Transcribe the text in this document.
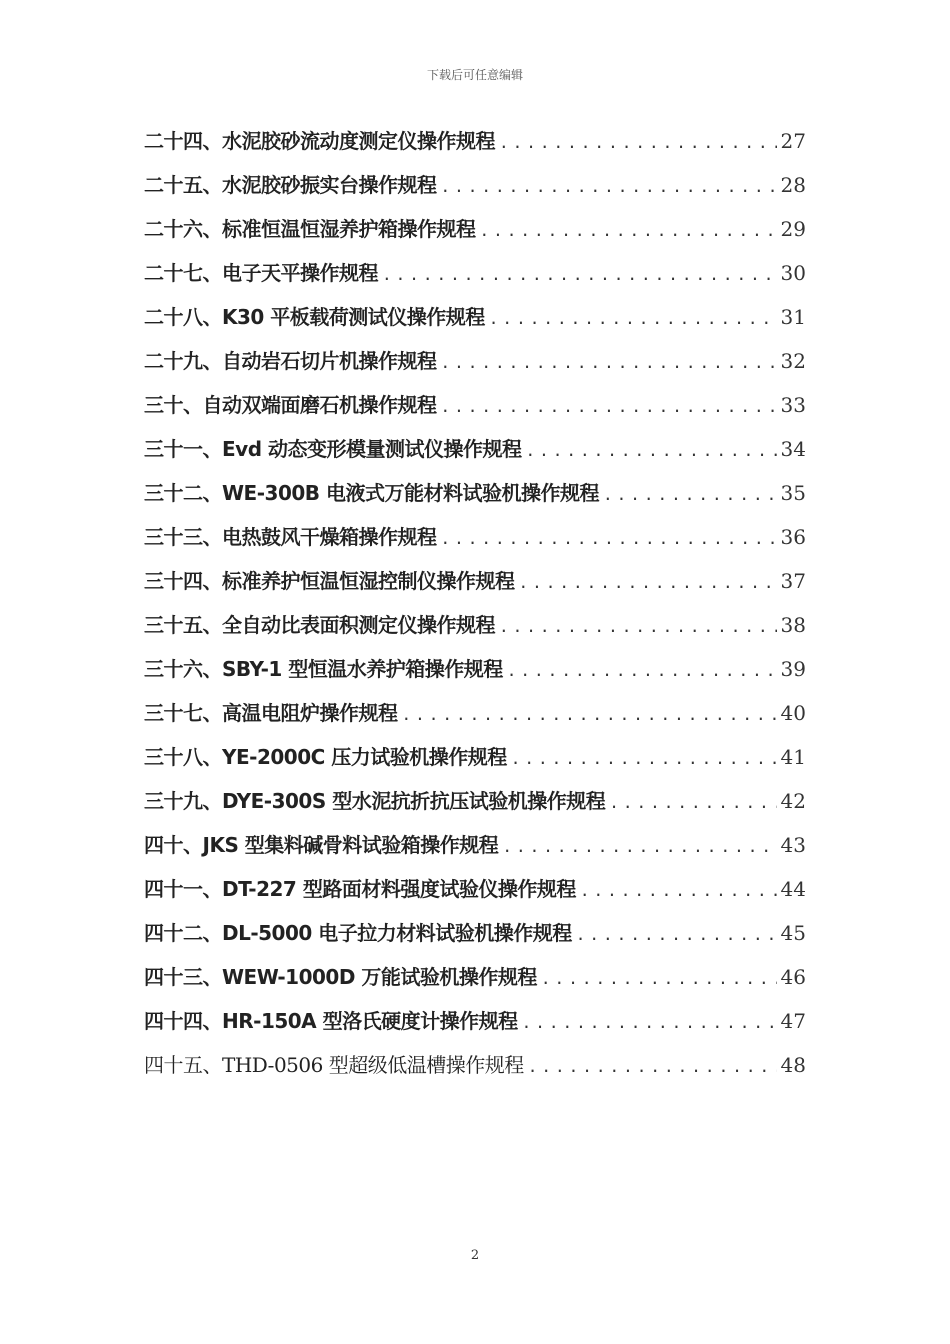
下载后可任意编辑
二十四、水泥胶砂流动度测定仪操作规程 .....	27
二十五、水泥胶砂振实台操作规程 .....	28
二十六、标准恒温恒湿养护箱操作规程 .....	29
二十七、电子天平操作规程 .....	30
二十八、K30 平板载荷测试仪操作规程 .....	31
二十九、自动岩石切片机操作规程 .....	32
三十、自动双端面磨石机操作规程 .....	33
三十一、Evd 动态变形模量测试仪操作规程 .....	34
三十二、WE-300B 电液式万能材料试验机操作规程 .....	35
三十三、电热鼓风干燥箱操作规程 .....	36
三十四、标准养护恒温恒湿控制仪操作规程 .....	37
三十五、全自动比表面积测定仪操作规程 .....	38
三十六、SBY-1 型恒温水养护箱操作规程 .....	39
三十七、高温电阻炉操作规程 .....	40
三十八、YE-2000C 压力试验机操作规程 .....	41
三十九、DYE-300S 型水泥抗折抗压试验机操作规程 .....	42
四十、JKS 型集料碱骨料试验箱操作规程 .....	43
四十一、DT-227 型路面材料强度试验仪操作规程 .....	44
四十二、DL-5000 电子拉力材料试验机操作规程 .....	45
四十三、WEW-1000D 万能试验机操作规程 .....	46
四十四、HR-150A 型洛氏硬度计操作规程 .....	47
四十五、THD-0506 型超级低温槽操作规程 .....	48
2
